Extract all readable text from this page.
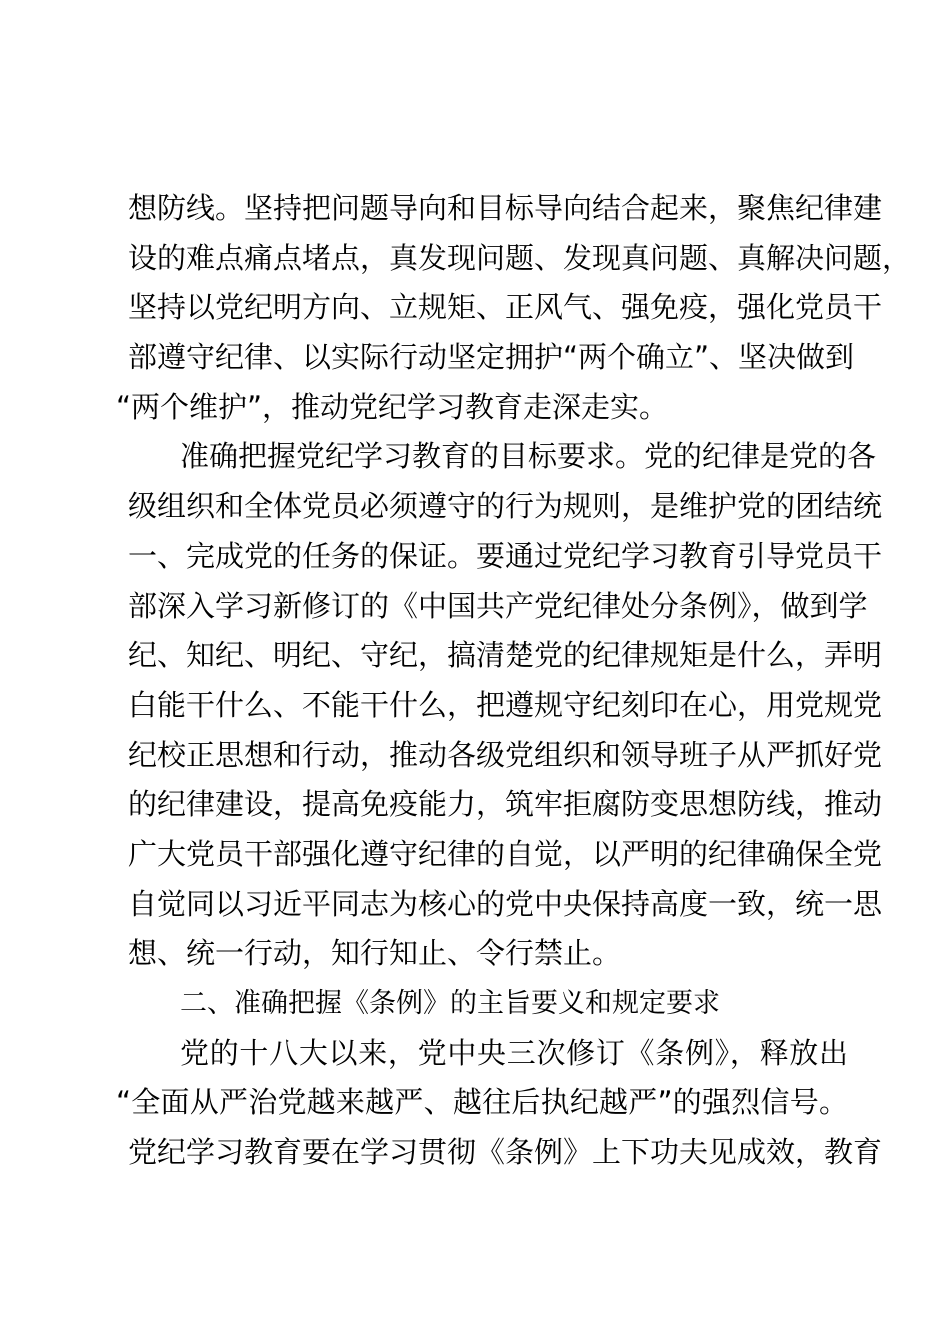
想防线。坚持把问题导向和目标导向结合起来，聚焦纪律建
设的难点痛点堵点，真发现问题、发现真问题、真解决问题，
坚持以党纪明方向、立规矩、正风气、强免疫，强化党员干
部遵守纪律、以实际行动坚定拥护“两个确立”、坚决做到
“两个维护”，推动党纪学习教育走深走实。
准确把握党纪学习教育的目标要求。党的纪律是党的各
级组织和全体党员必须遵守的行为规则，是维护党的团结统
一、完成党的任务的保证。要通过党纪学习教育引导党员干
部深入学习新修订的《中国共产党纪律处分条例》，做到学
纪、知纪、明纪、守纪，搞清楚党的纪律规矩是什么，弄明
白能干什么、不能干什么，把遵规守纪刻印在心，用党规党
纪校正思想和行动，推动各级党组织和领导班子从严抓好党
的纪律建设，提高免疫能力，筑牢拒腐防变思想防线，推动
广大党员干部强化遵守纪律的自觉，以严明的纪律确保全党
自觉同以习近平同志为核心的党中央保持高度一致，统一思
想、统一行动，知行知止、令行禁止。
二、准确把握《条例》的主旨要义和规定要求
党的十八大以来，党中央三次修订《条例》，释放出
“全面从严治党越来越严、越往后执纪越严”的强烈信号。
党纪学习教育要在学习贯彻《条例》上下功夫见成效，教育
